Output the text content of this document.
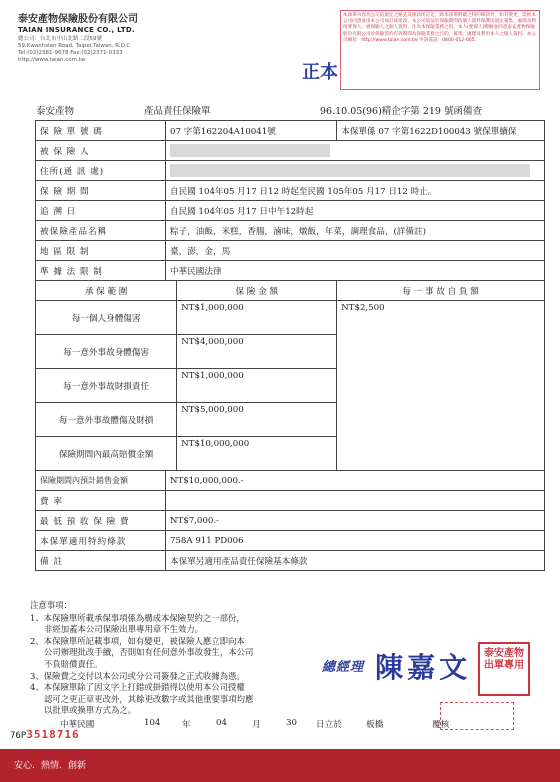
泰安產物保險股份有限公司
TAIAN INSURANCE CO., LTD.
總公司：台北市中山北路二段59號
59,Kwanhsien Road, Taipei,Taiwan, R.O.C
Tel:(02)2381-9678 Fax:(02)2371-0333
http://www.taian.com.tw
本保單內容為公司依規定之格式及條款所訂定，除本保單附載之特約條款外，如有變更，需經本公司同意並由本公司加註或批改。本公司依法於保險期間依個人資料保護法規定蒐集、處理及利用要保人、被保險人之個人資料，作為本保險業務之用。本人(要保人)瞭解並同意泰安產物保險股份有限公司於保險契約有效期間為保險業務之目的，蒐集、處理及利用本人之個人資料。本公司網址：http://www.taian.com.tw 申訴電話：0800-012-005。
正本
泰安產物	產品責任保險單	96.10.05(96)精企字第 219 號函備查
保 險 單 號 碼	07 字第162204A10041號		本保單係 07 字第1622D100043 號保單續保
被 保 險 人			
住所(通 訊 處)			
保 險 期 間	自民國 104年05 月17 日12 時起至民國 105年05 月17 日12 時止。		
追 溯 日	自民國 104年05 月17 日中午12時起		
被保險產品名稱	粽子，油飯，米糕，香腸，滷味，燉飯，年菜，調理食品，(詳備註)		
地 區 限 制	臺，澎，金，馬		
準 據 法 限 制	中華民國法律		
承 保 範 圍		保 險 金 額	每 一 事 故 自 負 額
每一個人身體傷害		NT$1,000,000	NT$2,500
每一意外事故身體傷害		NT$4,000,000	
每一意外事故財損責任		NT$1,000,000	
每一意外事故體傷及財損		NT$5,000,000	
保險期間內最高賠償金額		NT$10,000,000	
保險期間內預計銷售金額	NT$10,000,000.-		
費 率			
最 低 預 收 保 險 費	NT$7,000.-		
本保單適用特約條款	758A 911 PD006		
備 註	本保單另適用產品責任保險基本條款		
注意事項：
1、本保險單所載承保事項係為構成本保險契約之一部份，
非經加蓋本公司保險出單專用章不生效力。
2、本保險單所記載事項，如有變更，被保險人應立即向本
公司辦理批改手續，否則如有任何意外事故發生，本公司
不負賠償責任。
3、保險費之交付以本公司或分公司簽發之正式收據為憑。
4、本保險單除了因文字上打錯或掛錯得以使用本公司授權
認可之更正章更改外，其餘更改數字或其他重要事項均應
以批單或換單方式為之。
總經理 陳嘉文	泰安產物出單專用
中華民國	104	年	04	月	30 日立於	板橋	覆核
76P3518716
安心．熱情．創新
